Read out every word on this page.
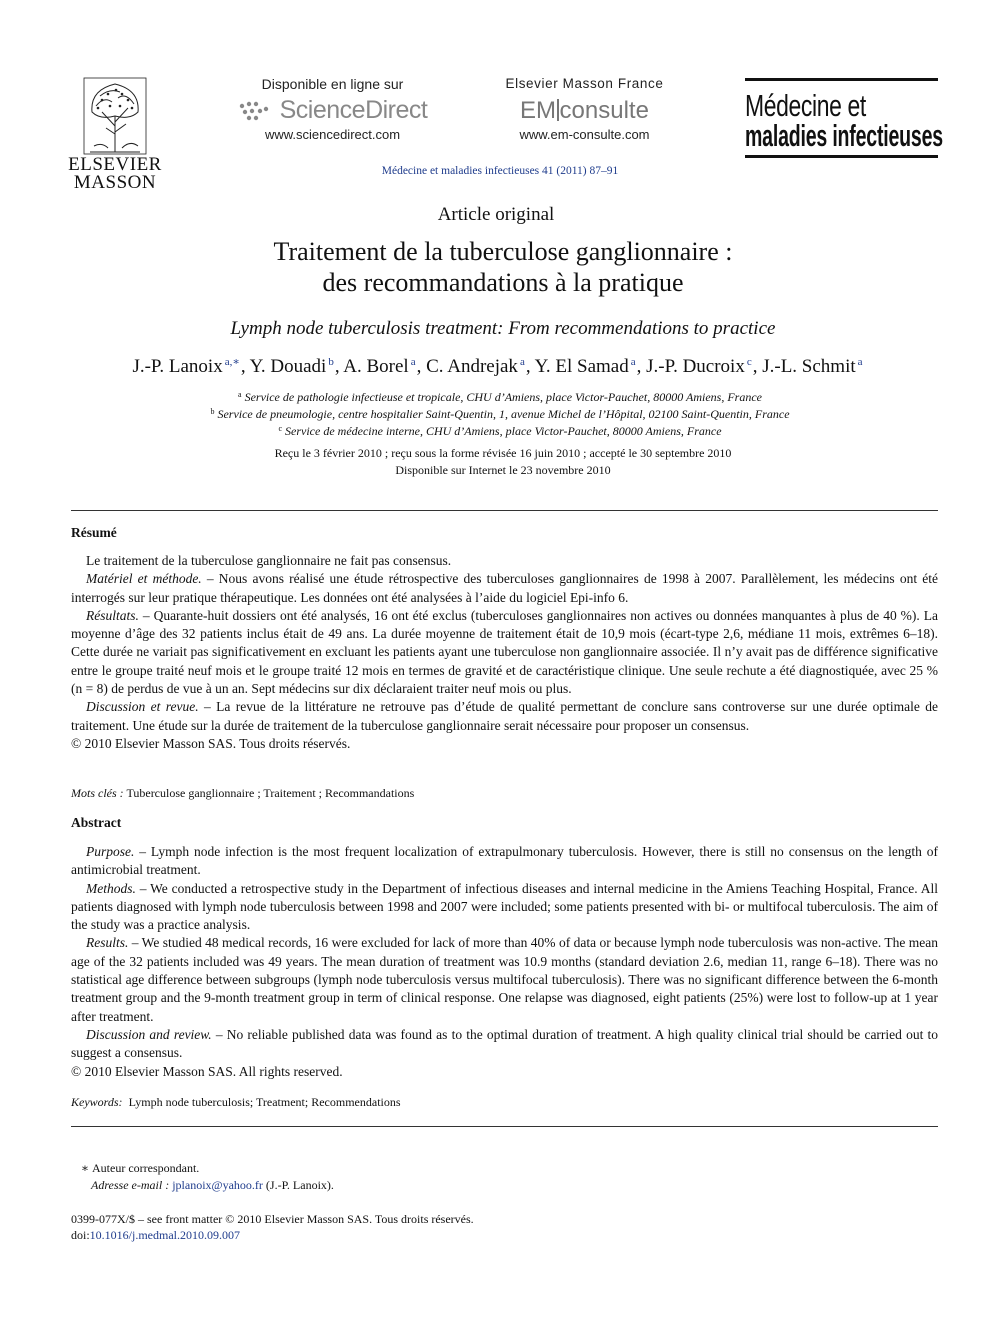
ELSEVIER
MASSON
Disponible en ligne sur
ScienceDirect
www.sciencedirect.com
Elsevier Masson France
EM consulte
www.em-consulte.com
Médecine et maladies infectieuses 41 (2011) 87–91
Médecine et
maladies infectieuses
Article original
Traitement de la tuberculose ganglionnaire :
des recommandations à la pratique
Lymph node tuberculosis treatment: From recommendations to practice
J.-P. Lanoix $^{a,∗}$, Y. Douadi $^b$, A. Borel $^a$, C. Andrejak $^a$, Y. El Samad $^a$, J.-P. Ducroix $^c$, J.-L. Schmit $^a$
$^a$ Service de pathologie infectieuse et tropicale, CHU d’Amiens, place Victor-Pauchet, 80000 Amiens, France
$^b$ Service de pneumologie, centre hospitalier Saint-Quentin, 1, avenue Michel de l’Hôpital, 02100 Saint-Quentin, France
$^c$ Service de médecine interne, CHU d’Amiens, place Victor-Pauchet, 80000 Amiens, France
Reçu le 3 février 2010 ; reçu sous la forme révisée 16 juin 2010 ; accepté le 30 septembre 2010
Disponible sur Internet le 23 novembre 2010
Résumé
Le traitement de la tuberculose ganglionnaire ne fait pas consensus.
Matériel et méthode. – Nous avons réalisé une étude rétrospective des tuberculoses ganglionnaires de 1998 à 2007. Parallèlement, les médecins ont été interrogés sur leur pratique thérapeutique. Les données ont été analysées à l’aide du logiciel Epi-info 6.
Résultats. – Quarante-huit dossiers ont été analysés, 16 ont été exclus (tuberculoses ganglionnaires non actives ou données manquantes à plus de 40 %). La moyenne d’âge des 32 patients inclus était de 49 ans. La durée moyenne de traitement était de 10,9 mois (écart-type 2,6, médiane 11 mois, extrêmes 6–18). Cette durée ne variait pas significativement en excluant les patients ayant une tuberculose non ganglionnaire associée. Il n’y avait pas de différence significative entre le groupe traité neuf mois et le groupe traité 12 mois en termes de gravité et de caractéristique clinique. Une seule rechute a été diagnostiquée, avec 25 % (n = 8) de perdus de vue à un an. Sept médecins sur dix déclaraient traiter neuf mois ou plus.
Discussion et revue. – La revue de la littérature ne retrouve pas d’étude de qualité permettant de conclure sans controverse sur une durée optimale de traitement. Une étude sur la durée de traitement de la tuberculose ganglionnaire serait nécessaire pour proposer un consensus.
© 2010 Elsevier Masson SAS. Tous droits réservés.
Mots clés : Tuberculose ganglionnaire ; Traitement ; Recommandations
Abstract
Purpose. – Lymph node infection is the most frequent localization of extrapulmonary tuberculosis. However, there is still no consensus on the length of antimicrobial treatment.
Methods. – We conducted a retrospective study in the Department of infectious diseases and internal medicine in the Amiens Teaching Hospital, France. All patients diagnosed with lymph node tuberculosis between 1998 and 2007 were included; some patients presented with bi- or multifocal tuberculosis. The aim of the study was a practice analysis.
Results. – We studied 48 medical records, 16 were excluded for lack of more than 40% of data or because lymph node tuberculosis was non-active. The mean age of the 32 patients included was 49 years. The mean duration of treatment was 10.9 months (standard deviation 2.6, median 11, range 6–18). There was no statistical age difference between subgroups (lymph node tuberculosis versus multifocal tuberculosis). There was no significant difference between the 6-month treatment group and the 9-month treatment group in term of clinical response. One relapse was diagnosed, eight patients (25%) were lost to follow-up at 1 year after treatment.
Discussion and review. – No reliable published data was found as to the optimal duration of treatment. A high quality clinical trial should be carried out to suggest a consensus.
© 2010 Elsevier Masson SAS. All rights reserved.
Keywords: Lymph node tuberculosis; Treatment; Recommendations
∗ Auteur correspondant.
Adresse e-mail : jplanoix@yahoo.fr (J.-P. Lanoix).
0399-077X/$ – see front matter © 2010 Elsevier Masson SAS. Tous droits réservés.
doi:10.1016/j.medmal.2010.09.007
